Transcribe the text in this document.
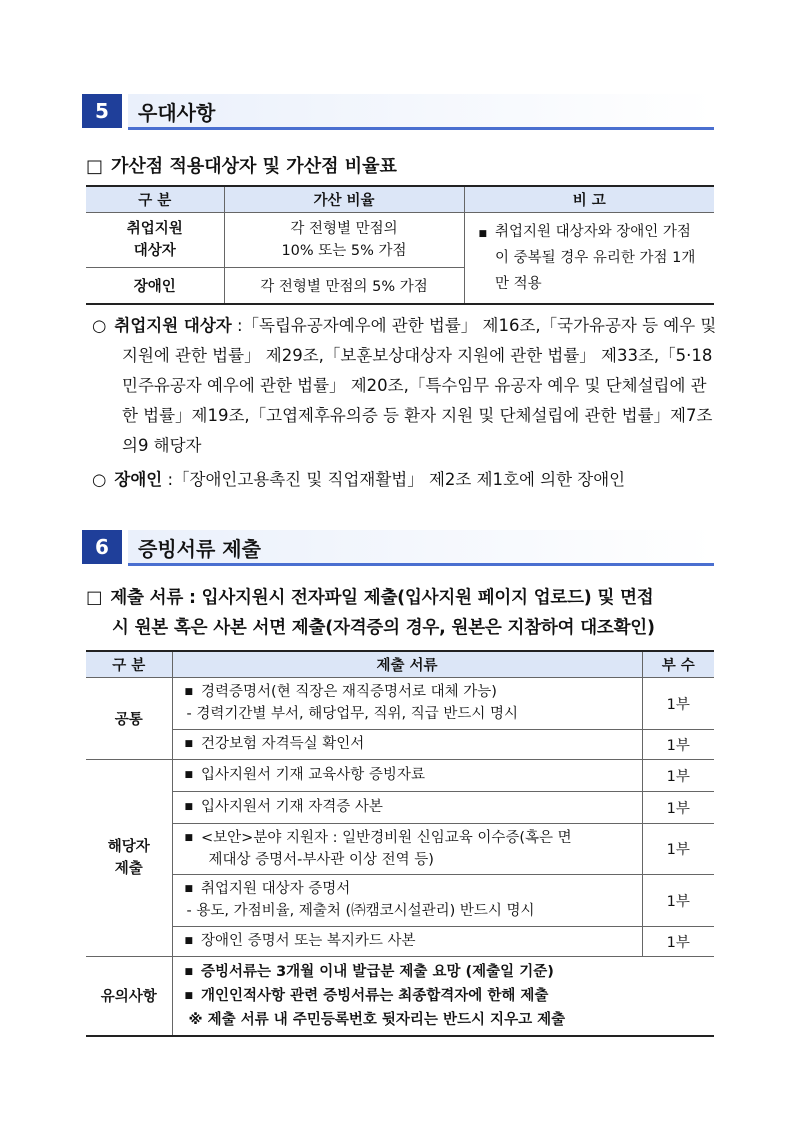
5	우대사항
□ 가산점 적용대상자 및 가산점 비율표
구 분	가산 비율	비 고
취업지원
대상자	각 전형별 만점의
10% 또는 5% 가점	■ 취업지원 대상자와 장애인 가점이 중복될 경우 유리한 가점 1개만 적용

장애인	각 전형별 만점의 5% 가점	
○ 취업지원 대상자 :「독립유공자예우에 관한 법률」 제16조,「국가유공자 등 예우 및 지원에 관한 법률」 제29조,「보훈보상대상자 지원에 관한 법률」 제33조,「5·18민주유공자 예우에 관한 법률」 제20조,「특수임무 유공자 예우 및 단체설립에 관한 법률」제19조,「고엽제후유의증 등 환자 지원 및 단체설립에 관한 법률」제7조의9 해당자
○ 장애인 :「장애인고용촉진 및 직업재활법」 제2조 제1호에 의한 장애인
6	증빙서류 제출
□ 제출 서류 : 입사지원시 전자파일 제출(입사지원 페이지 업로드) 및 면접
시 원본 혹은 사본 서면 제출(자격증의 경우, 원본은 지참하여 대조확인)
구 분	제출 서류	부 수
공통	■ 경력증명서(현 직장은 재직증명서로 대체 가능)
- 경력기간별 부서, 해당업무, 직위, 직급 반드시 명시	1부
	■ 건강보험 자격득실 확인서	1부
해당자
제출	■ 입사지원서 기재 교육사항 증빙자료	1부
	■ 입사지원서 기재 자격증 사본	1부

	■ <보안>분야 지원자 : 일반경비원 신임교육 이수증(혹은 면
제대상 증명서-부사관 이상 전역 등)	1부

	■ 취업지원 대상자 증명서
- 용도, 가점비율, 제출처 (㈜캠코시설관리) 반드시 명시	1부
	■ 장애인 증명서 또는 복지카드 사본	1부
유의사항	■ 증빙서류는 3개월 이내 발급분 제출 요망 (제출일 기준)
■ 개인인적사항 관련 증빙서류는 최종합격자에 한해 제출
※ 제출 서류 내 주민등록번호 뒷자리는 반드시 지우고 제출	
